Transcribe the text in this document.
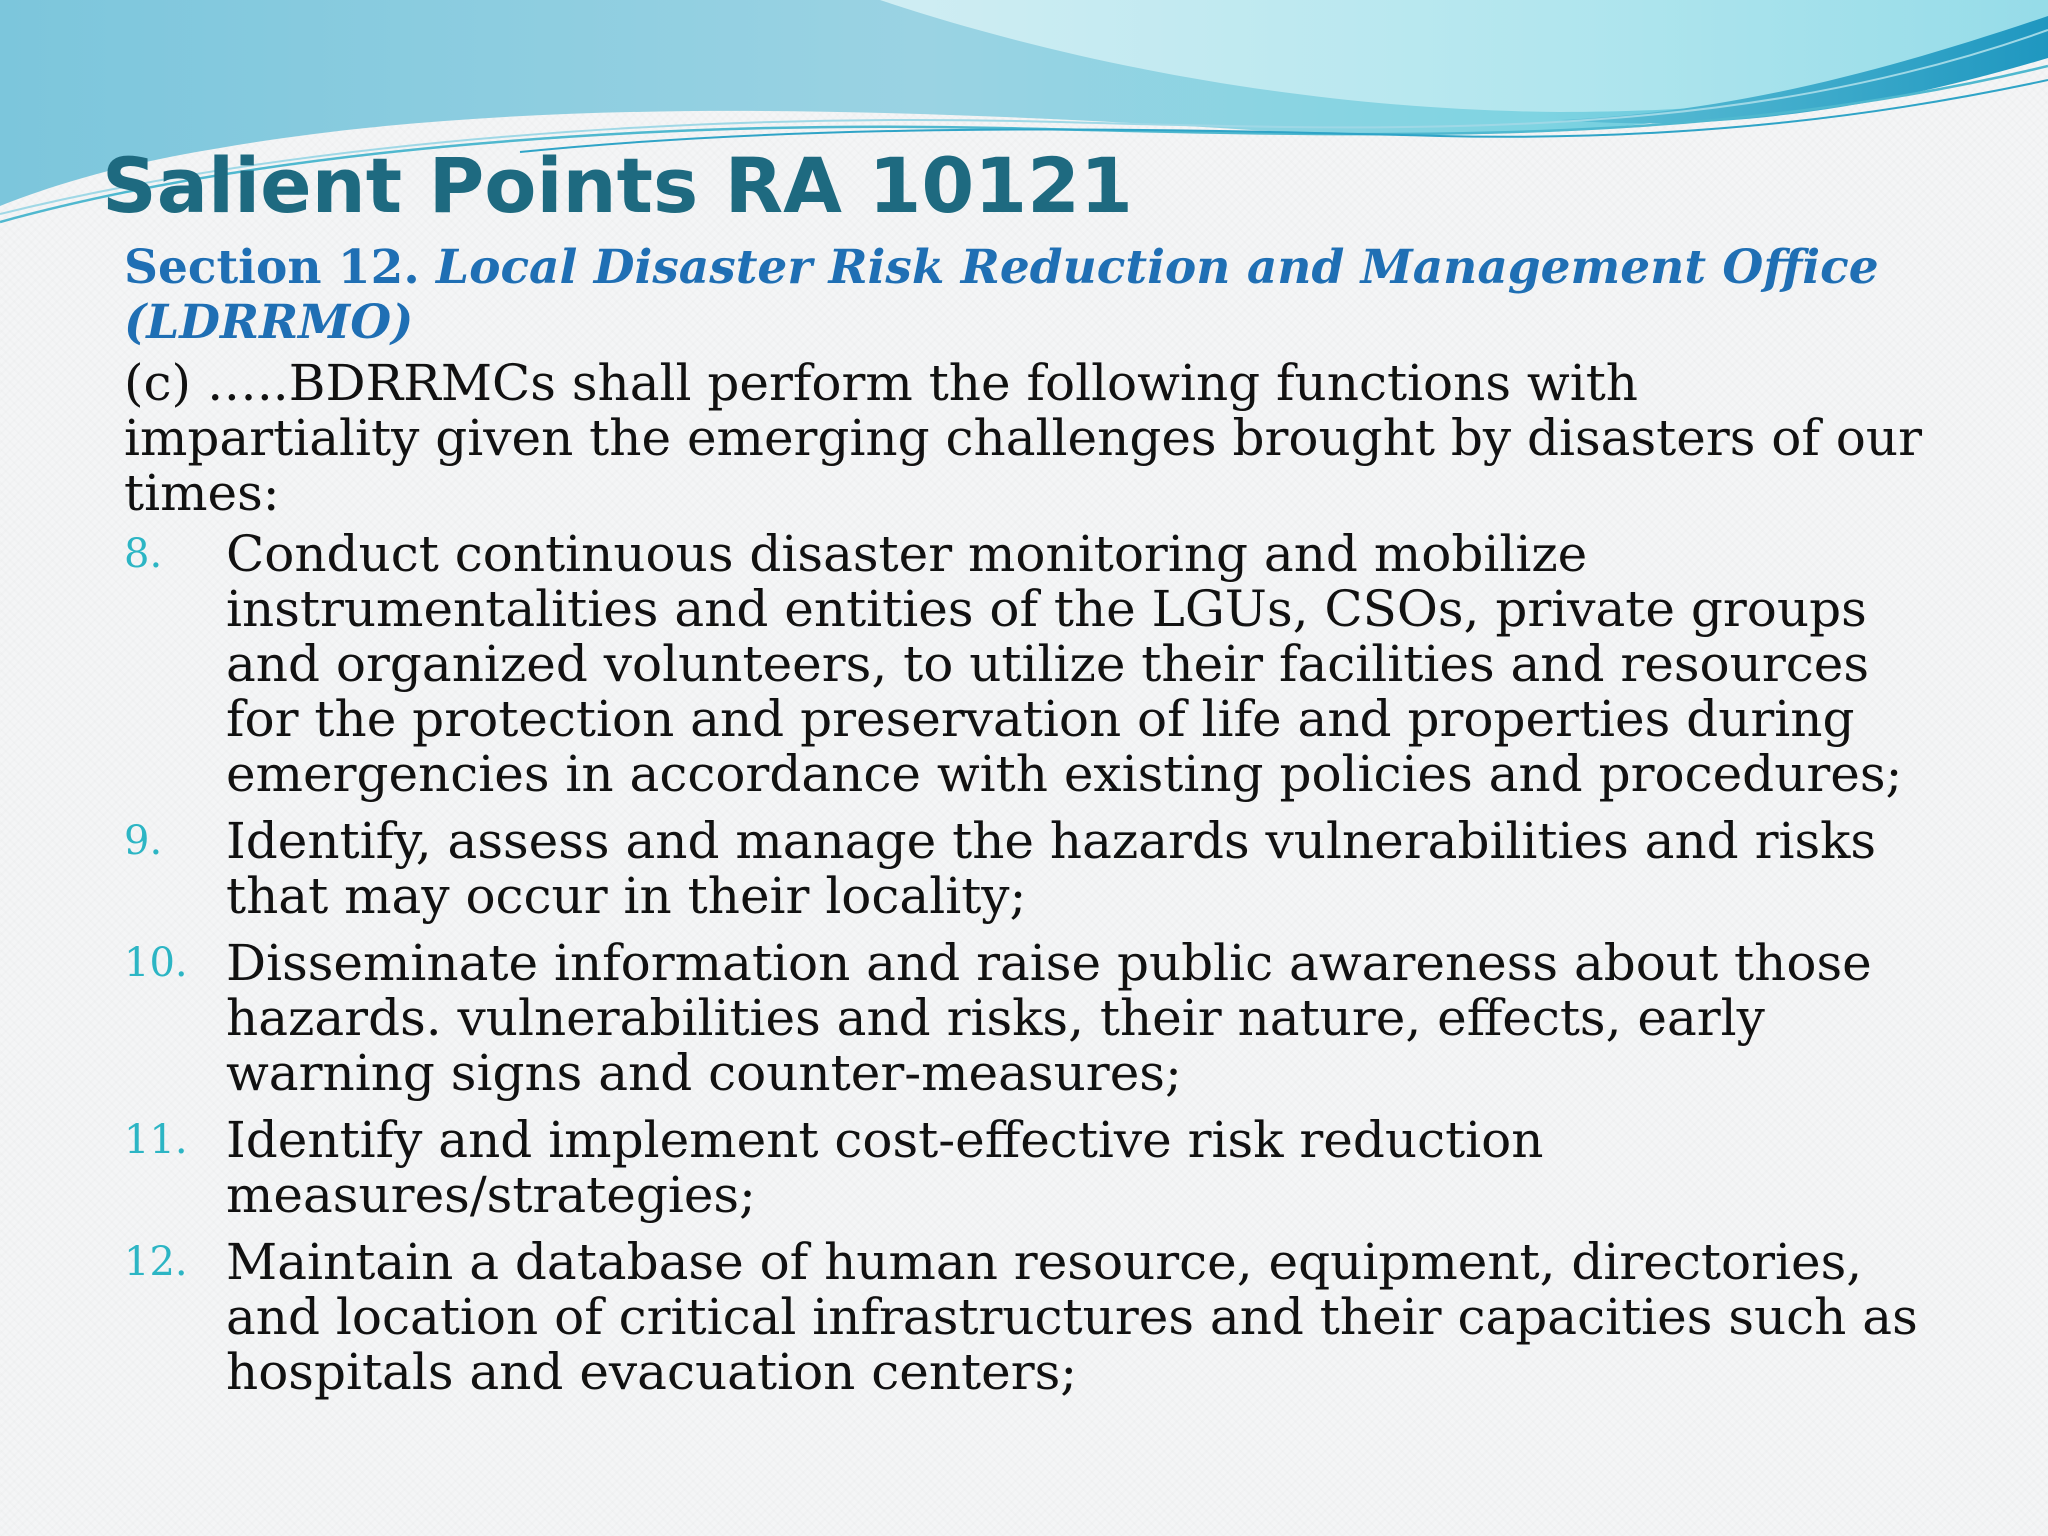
Salient Points RA 10121

Section 12. Local Disaster Risk Reduction and Management Office (LDRRMO)

(c) …..BDRRMCs shall perform the following functions with impartiality given the emerging challenges brought by disasters of our times:

8.	Conduct continuous disaster monitoring and mobilize instrumentalities and entities of the LGUs, CSOs, private groups and organized volunteers, to utilize their facilities and resources for the protection and preservation of life and properties during emergencies in accordance with existing policies and procedures;
9.	Identify, assess and manage the hazards vulnerabilities and risks that may occur in their locality;
10. Disseminate information and raise public awareness about those hazards. vulnerabilities and risks, their nature, effects, early warning signs and counter-measures;
11. Identify and implement cost-effective risk reduction measures/strategies;
12. Maintain a database of human resource, equipment, directories, and location of critical infrastructures and their capacities such as hospitals and evacuation centers;
